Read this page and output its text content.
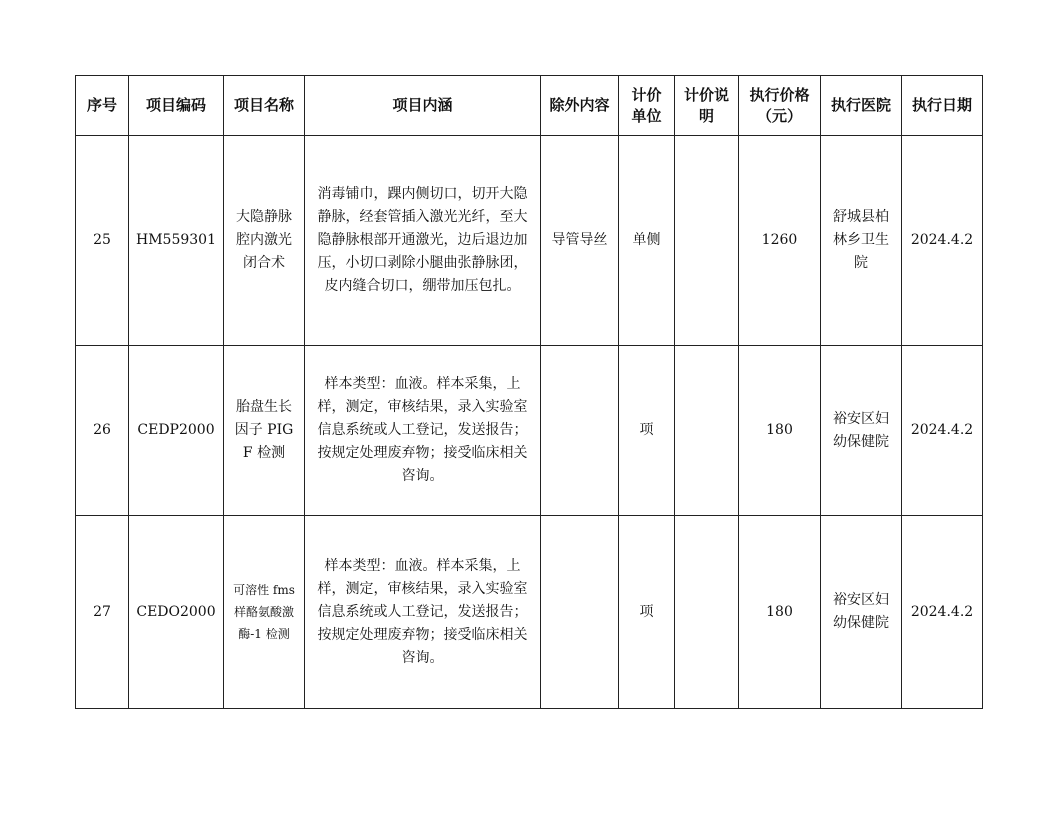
序号	项目编码	项目名称	项目内涵	除外内容	计价单位	计价说明	执行价格（元）	执行医院	执行日期
25	HM559301	大隐静脉腔内激光闭合术	消毒铺巾，踝内侧切口，切开大隐静脉，经套管插入激光光纤，至大隐静脉根部开通激光，边后退边加压，小切口剥除小腿曲张静脉团，皮内缝合切口，绷带加压包扎。	导管导丝	单侧		1260	舒城县柏林乡卫生院	2024.4.2
26	CEDP2000	胎盘生长因子 PIGF 检测	样本类型：血液。样本采集，上样，测定，审核结果，录入实验室信息系统或人工登记，发送报告；按规定处理废弃物；接受临床相关咨询。		项		180	裕安区妇幼保健院	2024.4.2
27	CEDO2000	可溶性 fms 样酪氨酸激酶-1 检测	样本类型：血液。样本采集，上样，测定，审核结果，录入实验室信息系统或人工登记，发送报告；按规定处理废弃物；接受临床相关咨询。		项		180	裕安区妇幼保健院	2024.4.2
